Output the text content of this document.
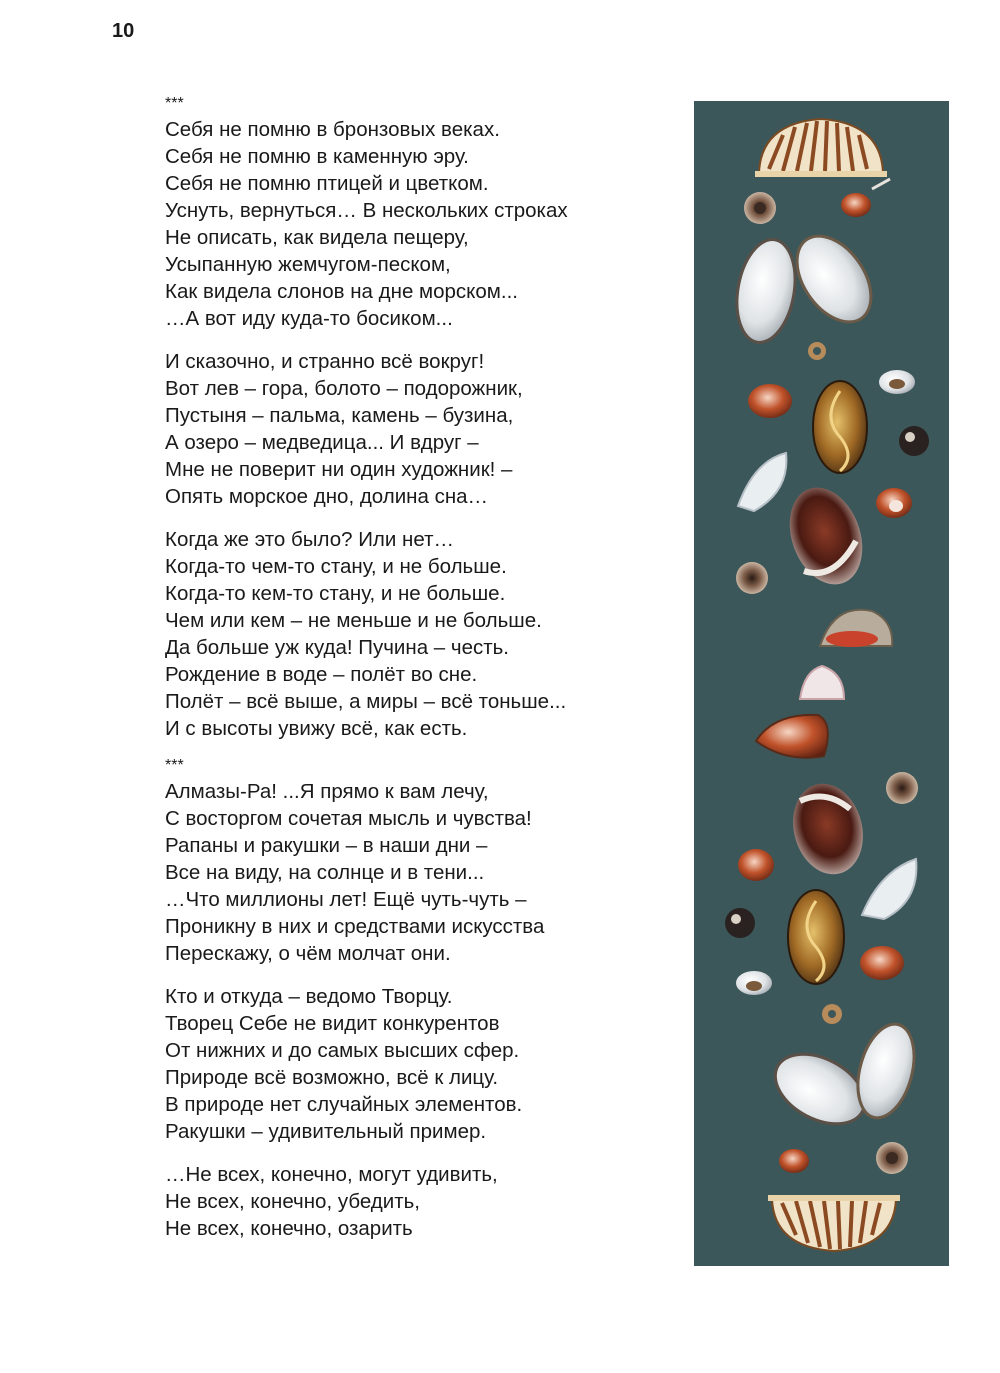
10
***
Себя не помню в бронзовых веках.
Себя не помню в каменную эру.
Себя не помню птицей и цветком.
Уснуть, вернуться… В нескольких строках
Не описать, как видела пещеру,
Усыпанную жемчугом-песком,
Как видела слонов на дне морском...
…А вот иду куда-то босиком...
И сказочно, и странно всё вокруг!
Вот лев – гора, болото – подорожник,
Пустыня – пальма, камень – бузина,
А озеро – медведица... И вдруг –
Мне не поверит ни один художник! –
Опять морское дно, долина сна…
Когда же это было? Или нет…
Когда-то чем-то стану, и не больше.
Когда-то кем-то стану, и не больше.
Чем или кем – не меньше и не больше.
Да больше уж куда! Пучина – честь.
Рождение в воде – полёт во сне.
Полёт – всё выше, а миры – всё тоньше...
И с высоты увижу всё, как есть.
***
Алмазы-Ра! ...Я прямо к вам лечу,
С восторгом сочетая мысль и чувства!
Рапаны и ракушки – в наши дни –
Все на виду, на солнце и в тени...
…Что миллионы лет! Ещё чуть-чуть –
Проникну в них и средствами искусства
Перескажу, о чём молчат они.
Кто и откуда – ведомо Творцу.
Творец Себе не видит конкурентов
От нижних и до самых высших сфер.
Природе всё возможно, всё к лицу.
В природе нет случайных элементов.
Ракушки – удивительный пример.
…Не всех, конечно, могут удивить,
Не всех, конечно, убедить,
Не всех, конечно, озарить
